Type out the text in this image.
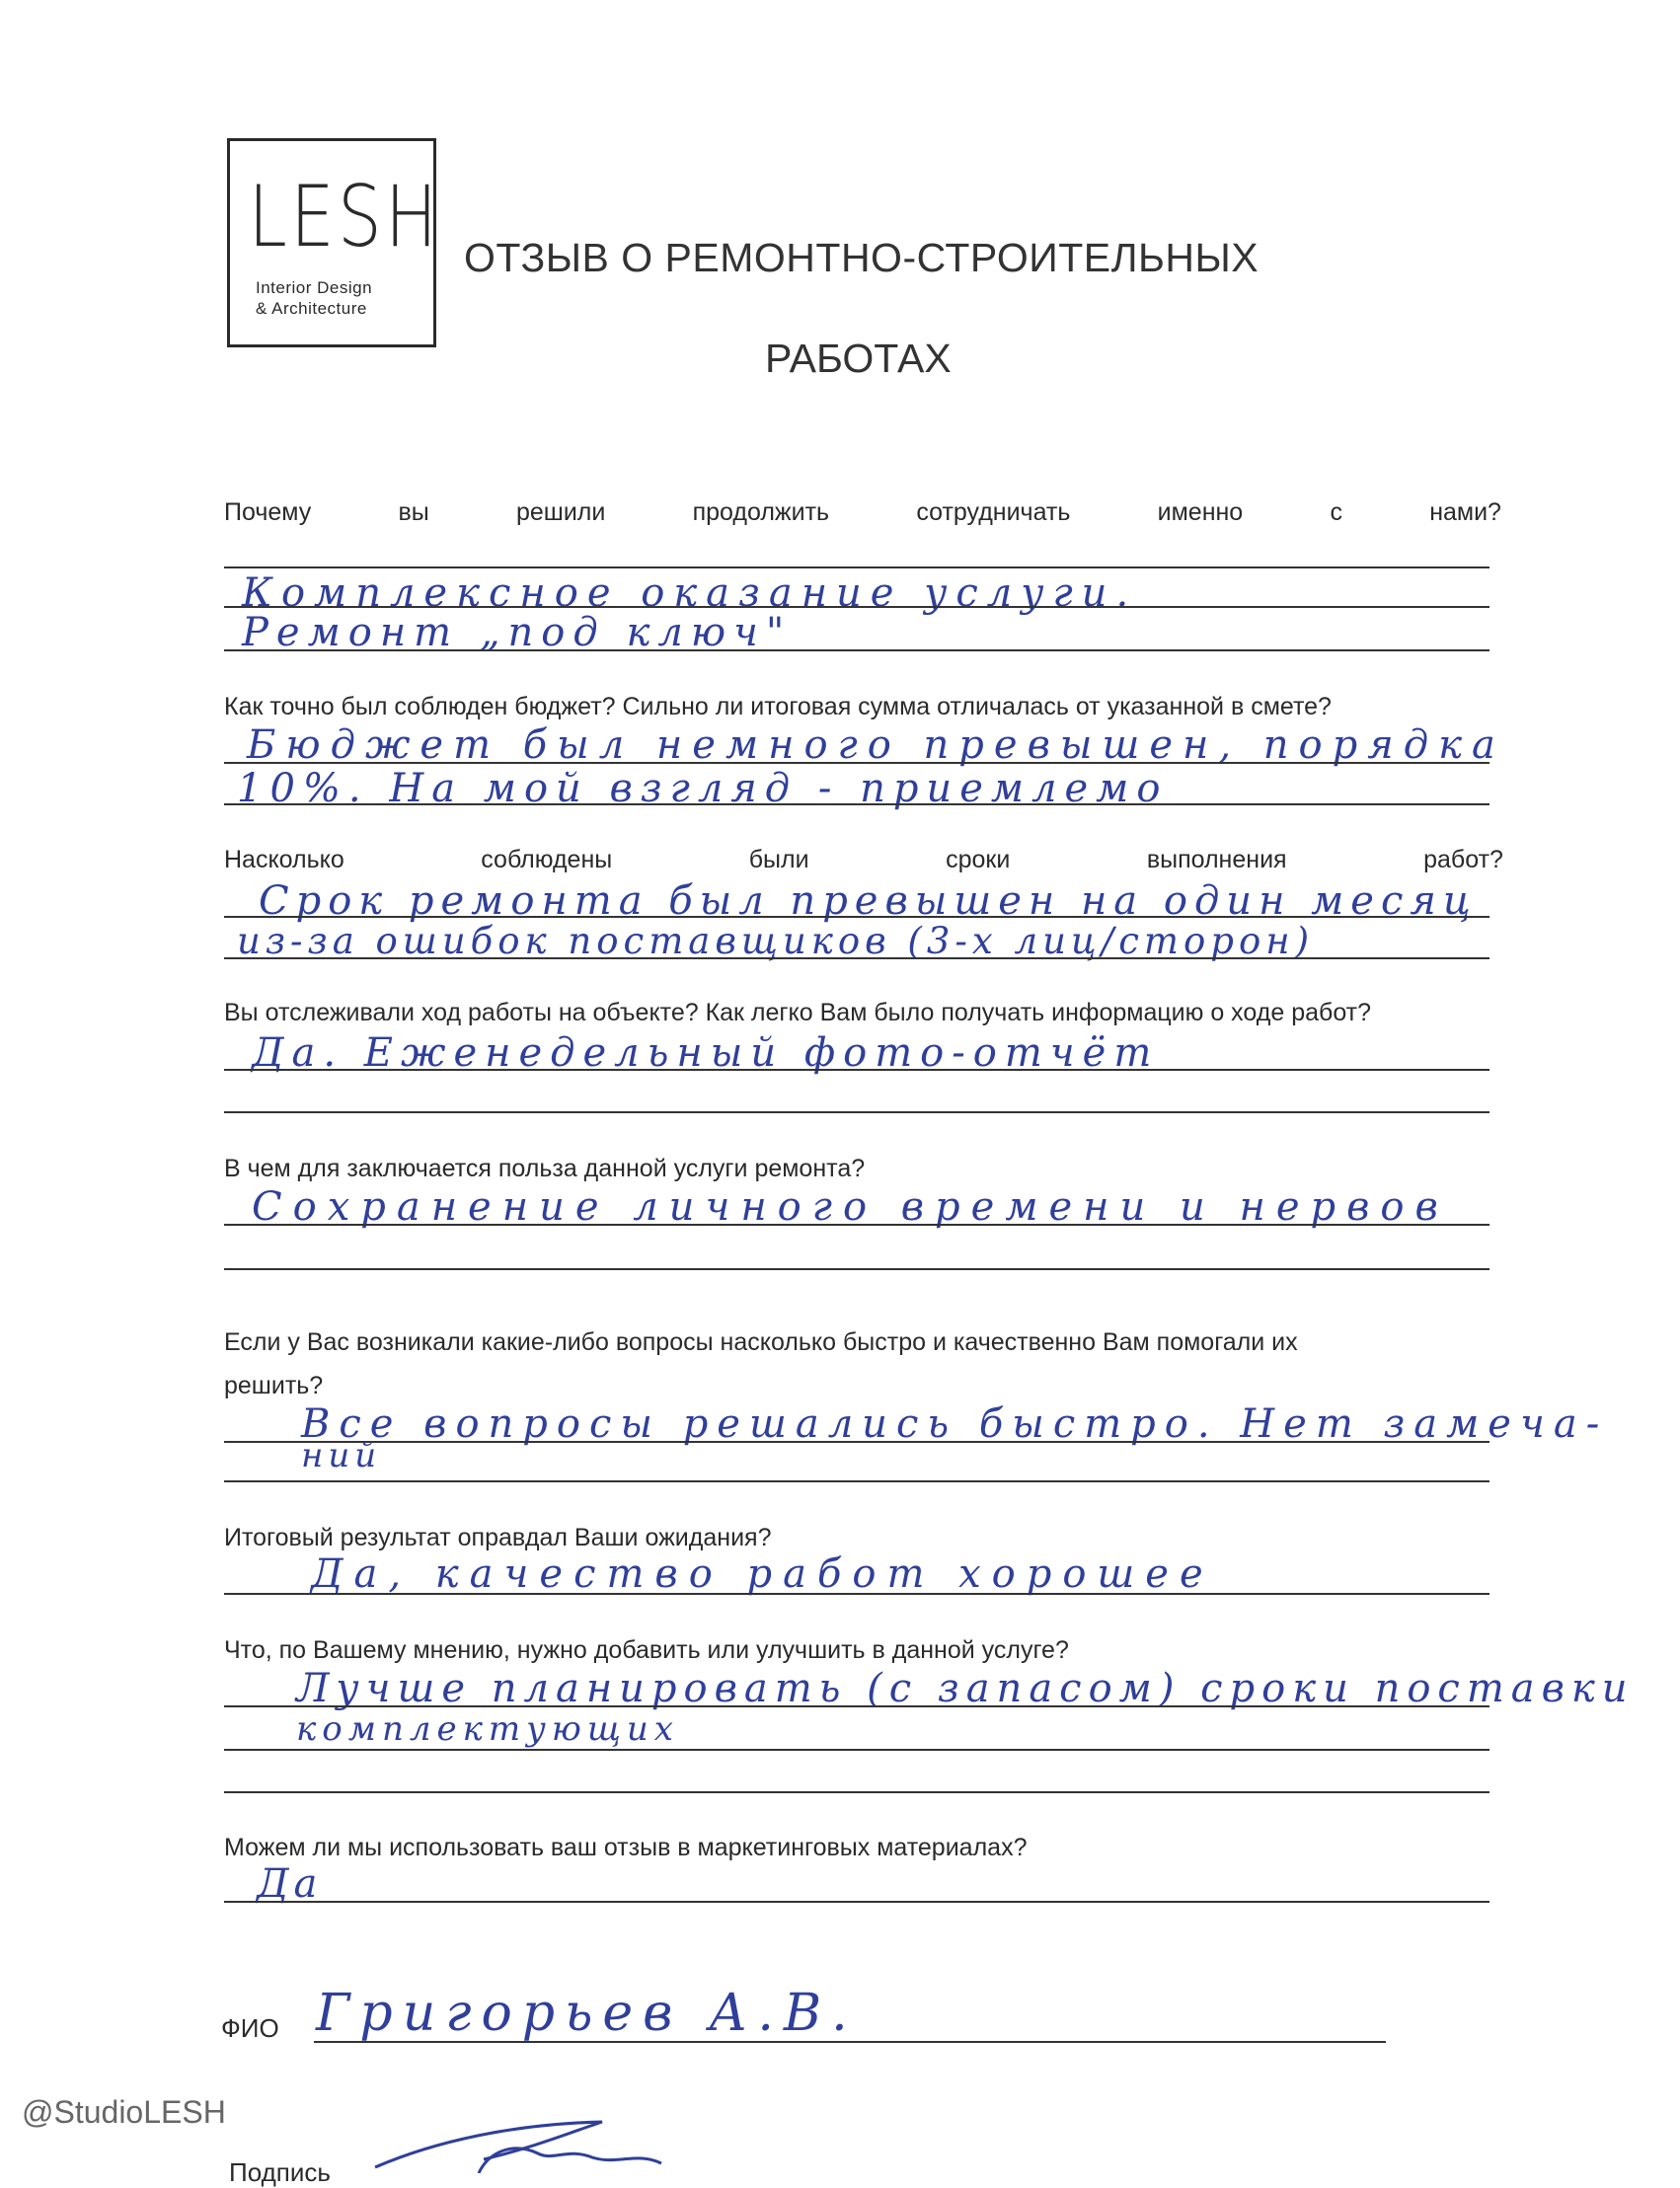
LESH
Interior Design
& Architecture
ОТЗЫВ О РЕМОНТНО-СТРОИТЕЛЬНЫХ
РАБОТАХ
Почему	вы	решили	продолжить	сотрудничать	именно	с	нами?
Комплексное оказание услуги.
Ремонт „под ключ"
Как точно был соблюден бюджет? Сильно ли итоговая сумма отличалась от указанной в смете?
Бюджет был немного превышен, порядка
10%. На мой взгляд - приемлемо
Насколько	соблюдены	были	сроки	выполнения	работ?
Срок ремонта был превышен на один месяц
из-за ошибок поставщиков (3-х лиц/сторон)
Вы отслеживали ход работы на объекте? Как легко Вам было получать информацию о ходе работ?
Да. Еженедельный фото-отчёт
В чем для заключается польза данной услуги ремонта?
Сохранение личного времени и нервов
Если у Вас возникали какие-либо вопросы насколько быстро и качественно Вам помогали их
решить?
Все вопросы решались быстро. Нет замеча-
ний
Итоговый результат оправдал Ваши ожидания?
Да, качество работ хорошее
Что, по Вашему мнению, нужно добавить или улучшить в данной услуге?
Лучше планировать (с запасом) сроки поставки
комплектующих
Можем ли мы использовать ваш отзыв в маркетинговых материалах?
Да
ФИО Григорьев А.В.
@StudioLESH
Подпись
